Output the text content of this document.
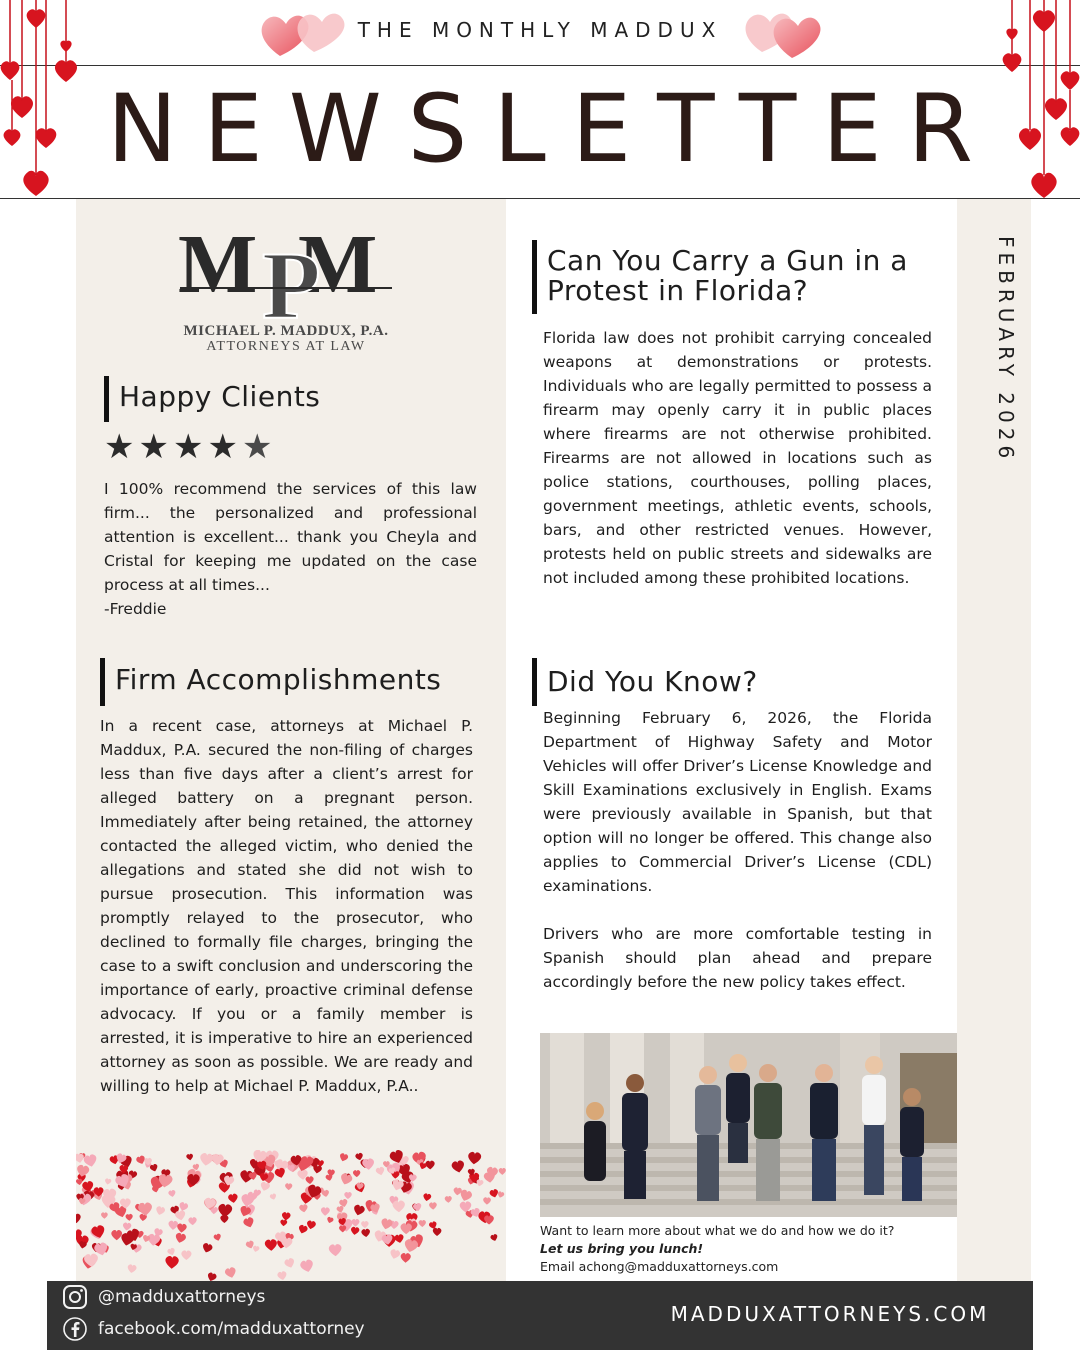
THE MONTHLY MADDUX
NEWSLETTER
FEBRUARY 2026
M M
P
MICHAEL P. MADDUX, P.A.
ATTORNEYS AT LAW
Happy Clients
★ ★ ★ ★ ★
I 100% recommend the services of this law firm... the personalized and professional attention is excellent... thank you Cheyla and Cristal for keeping me updated on the case process at all times...
-Freddie
Firm Accomplishments
In a recent case, attorneys at Michael P. Maddux, P.A. secured the non-filing of charges less than five days after a client’s arrest for alleged battery on a pregnant person. Immediately after being retained, the attorney contacted the alleged victim, who denied the allegations and stated she did not wish to pursue prosecution. This information was promptly relayed to the prosecutor, who declined to formally file charges, bringing the case to a swift conclusion and underscoring the importance of early, proactive criminal defense advocacy. If you or a family member is arrested, it is imperative to hire an experienced attorney as soon as possible. We are ready and willing to help at Michael P. Maddux, P.A..
Can You Carry a Gun in a Protest in Florida?
Florida law does not prohibit carrying concealed weapons at demonstrations or protests. Individuals who are legally permitted to possess a firearm may openly carry it in public places where firearms are not otherwise prohibited. Firearms are not allowed in locations such as police stations, courthouses, polling places, government meetings, athletic events, schools, bars, and other restricted venues. However, protests held on public streets and sidewalks are not included among these prohibited locations.
Did You Know?
Beginning February 6, 2026, the Florida Department of Highway Safety and Motor Vehicles will offer Driver’s License Knowledge and Skill Examinations exclusively in English. Exams were previously available in Spanish, but that option will no longer be offered. This change also applies to Commercial Driver’s License (CDL) examinations.
Drivers who are more comfortable testing in Spanish should plan ahead and prepare accordingly before the new policy takes effect.
Want to learn more about what we do and how we do it?
Let us bring you lunch!
Email achong@madduxattorneys.com
@madduxattorneys
facebook.com/madduxattorney
MADDUXATTORNEYS.COM
